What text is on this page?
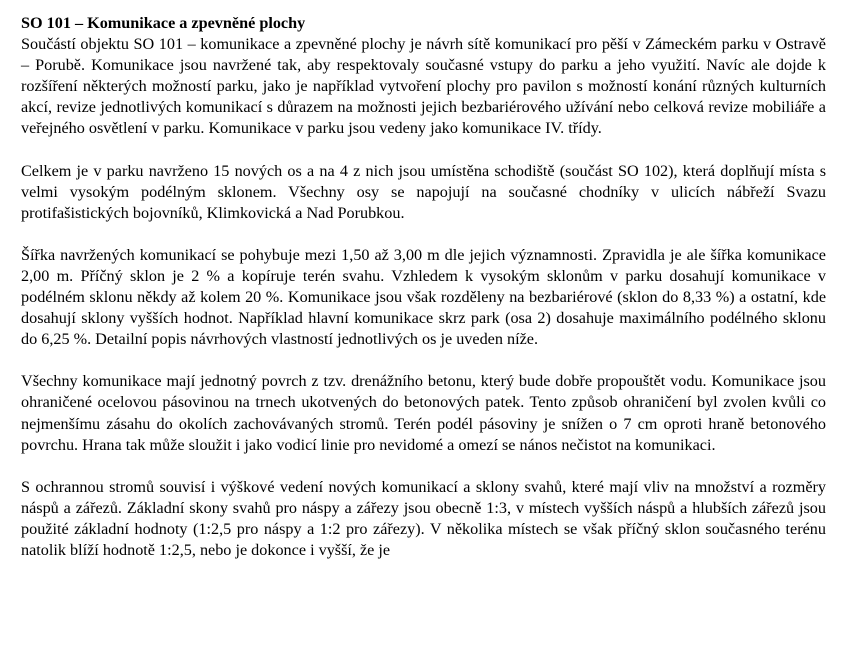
SO 101 – Komunikace a zpevněné plochy

Součástí objektu SO 101 – komunikace a zpevněné plochy je návrh sítě komunikací pro pěší v Zámeckém parku v Ostravě – Porubě. Komunikace jsou navržené tak, aby respektovaly současné vstupy do parku a jeho využití. Navíc ale dojde k rozšíření některých možností parku, jako je například vytvoření plochy pro pavilon s možností konání různých kulturních akcí, revize jednotlivých komunikací s důrazem na možnosti jejich bezbariérového užívání nebo celková revize mobiliáře a veřejného osvětlení v parku. Komunikace v parku jsou vedeny jako komunikace IV. třídy.

Celkem je v parku navrženo 15 nových os a na 4 z nich jsou umístěna schodiště (součást SO 102), která doplňují místa s velmi vysokým podélným sklonem. Všechny osy se napojují na současné chodníky v ulicích nábřeží Svazu protifašistických bojovníků, Klimkovická a Nad Porubkou.

Šířka navržených komunikací se pohybuje mezi 1,50 až 3,00 m dle jejich významnosti. Zpravidla je ale šířka komunikace 2,00 m. Příčný sklon je 2 % a kopíruje terén svahu. Vzhledem k vysokým sklonům v parku dosahují komunikace v podélném sklonu někdy až kolem 20 %. Komunikace jsou však rozděleny na bezbariérové (sklon do 8,33 %) a ostatní, kde dosahují sklony vyšších hodnot. Například hlavní komunikace skrz park (osa 2) dosahuje maximálního podélného sklonu do 6,25 %. Detailní popis návrhových vlastností jednotlivých os je uveden níže.

Všechny komunikace mají jednotný povrch z tzv. drenážního betonu, který bude dobře propouštět vodu. Komunikace jsou ohraničené ocelovou pásovinou na trnech ukotvených do betonových patek. Tento způsob ohraničení byl zvolen kvůli co nejmenšímu zásahu do okolích zachovávaných stromů. Terén podél pásoviny je snížen o 7 cm oproti hraně betonového povrchu. Hrana tak může sloužit i jako vodicí linie pro nevidomé a omezí se nános nečistot na komunikaci.

S ochrannou stromů souvisí i výškové vedení nových komunikací a sklony svahů, které mají vliv na množství a rozměry náspů a zářezů. Základní skony svahů pro náspy a zářezy jsou obecně 1:3, v místech vyšších náspů a hlubších zářezů jsou použité základní hodnoty (1:2,5 pro náspy a 1:2 pro zářezy). V několika místech se však příčný sklon současného terénu natolik blíží hodnotě 1:2,5, nebo je dokonce i vyšší, že je
